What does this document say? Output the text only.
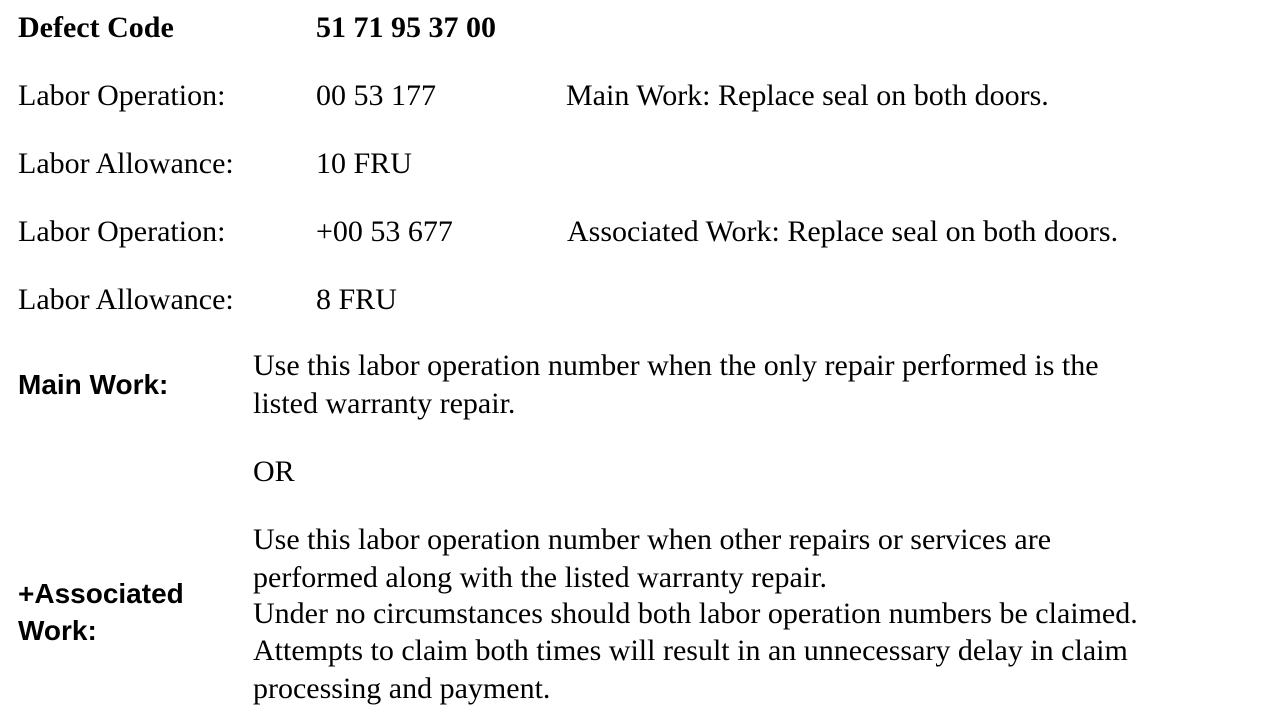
Defect Code	51 71 95 37 00
Labor Operation:	00 53 177	Main Work: Replace seal on both doors.
Labor Allowance:	10 FRU
Labor Operation:	+00 53 677	Associated Work: Replace seal on both doors.
Labor Allowance:	8 FRU
Main Work:
Use this labor operation number when the only repair performed is the
listed warranty repair.
OR
+Associated
Work:
Use this labor operation number when other repairs or services are
performed along with the listed warranty repair.
Under no circumstances should both labor operation numbers be claimed.
Attempts to claim both times will result in an unnecessary delay in claim
processing and payment.
